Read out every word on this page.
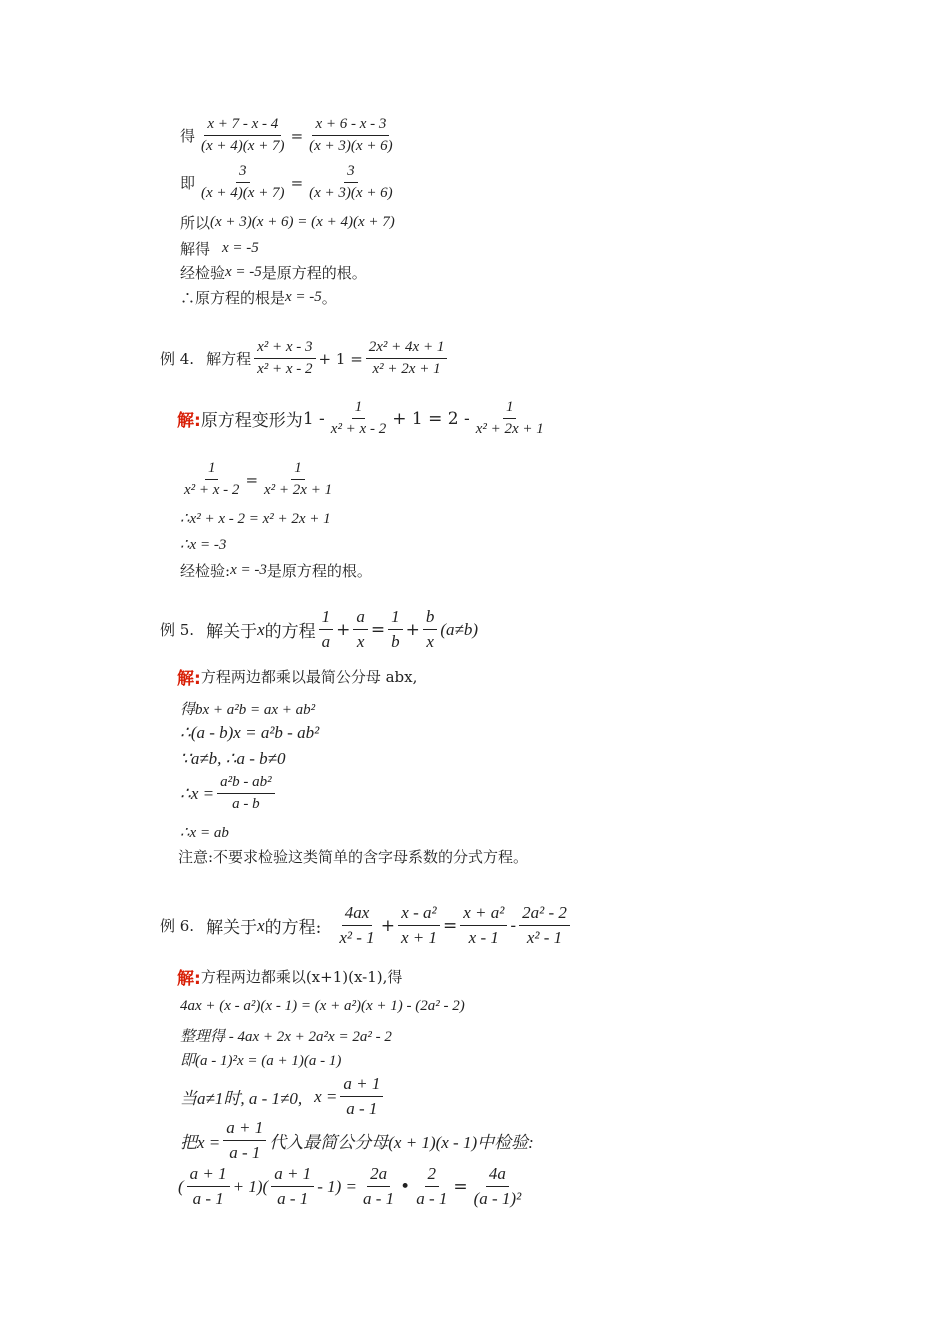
得 $\frac{x + 7 - x - 4}{(x + 4)(x + 7)} = \frac{x + 6 - x - 3}{(x + 3)(x + 6)}$
即 $\frac{3}{(x + 4)(x + 7)} = \frac{3}{(x + 3)(x + 6)}$
所以 (x + 3)(x + 6) = (x + 4)(x + 7)
解得 x = -5
经检验 x = -5 是原方程的根。
∴原方程的根是 x = -5 。
例 4. 解方程 $\frac{\text{x² + x - 3}}{\text{x² + x - 2}} + 1 = \frac{\text{2x² + 4x + 1}}{\text{x² + 2x + 1}}$
解: 原方程变形为 $1 - \frac{1}{\text{x² + x - 2}} + 1 = 2 - \frac{1}{\text{x² + 2x + 1}}$
$\frac{1}{\text{x² + x - 2}} = \frac{1}{\text{x² + 2x + 1}}$
∴x² + x - 2 = x² + 2x + 1
∴x = -3
经检验: x = -3 是原方程的根。
例 5. 解关于 x 的方程 $\frac{1}{a} + \frac{a}{x} = \frac{1}{b} + \frac{b}{x} (a\ne b)$
解: 方程两边都乘以最简公分母 abx,
得bx + a²b = ax + ab²
∴(a - b)x = a²b - ab²
∵a≠b, ∴a - b≠0
∴x = $\frac{\text{a²b - ab²}}{a - b}$
∴x = ab
注意:不要求检验这类简单的含字母系数的分式方程。
例 6. 解关于 x 的方程: $\frac{4ax}{\text{x² - 1}} + \frac{\text{x - a²}}{x + 1} = \frac{\text{x + a²}}{x - 1} - \frac{\text{2a² - 2}}{\text{x² - 1}}$
解: 方程两边都乘以(x+1)(x-1),得
4ax + (x - a²)(x - 1) = (x + a²)(x + 1) - (2a² - 2)
整理得 - 4ax + 2x + 2a²x = 2a² - 2
即(a - 1)²x = (a + 1)(a - 1)
当a≠1时, a - 1≠0, $x = \frac{a + 1}{a - 1}$
把$x = \frac{a + 1}{a - 1}$ 代入最简公分母(x + 1)(x - 1)中检验:
( $\frac{a + 1}{a - 1} + 1)( \frac{a + 1}{a - 1} - 1) = \frac{2a}{a - 1}$ • $\frac{2}{a - 1} = \frac{4a}{\text{(a - 1)²}}$
